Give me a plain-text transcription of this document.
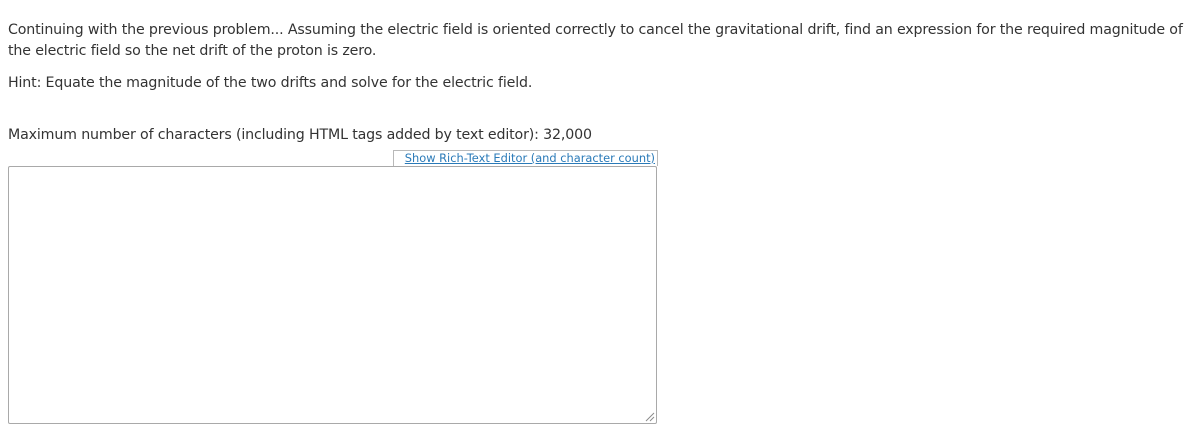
Continuing with the previous problem... Assuming the electric field is oriented correctly to cancel the gravitational drift, find an expression for the required magnitude of the electric field so the net drift of the proton is zero.

Hint: Equate the magnitude of the two drifts and solve for the electric field.

Maximum number of characters (including HTML tags added by text editor): 32,000

Show Rich-Text Editor (and character count)
